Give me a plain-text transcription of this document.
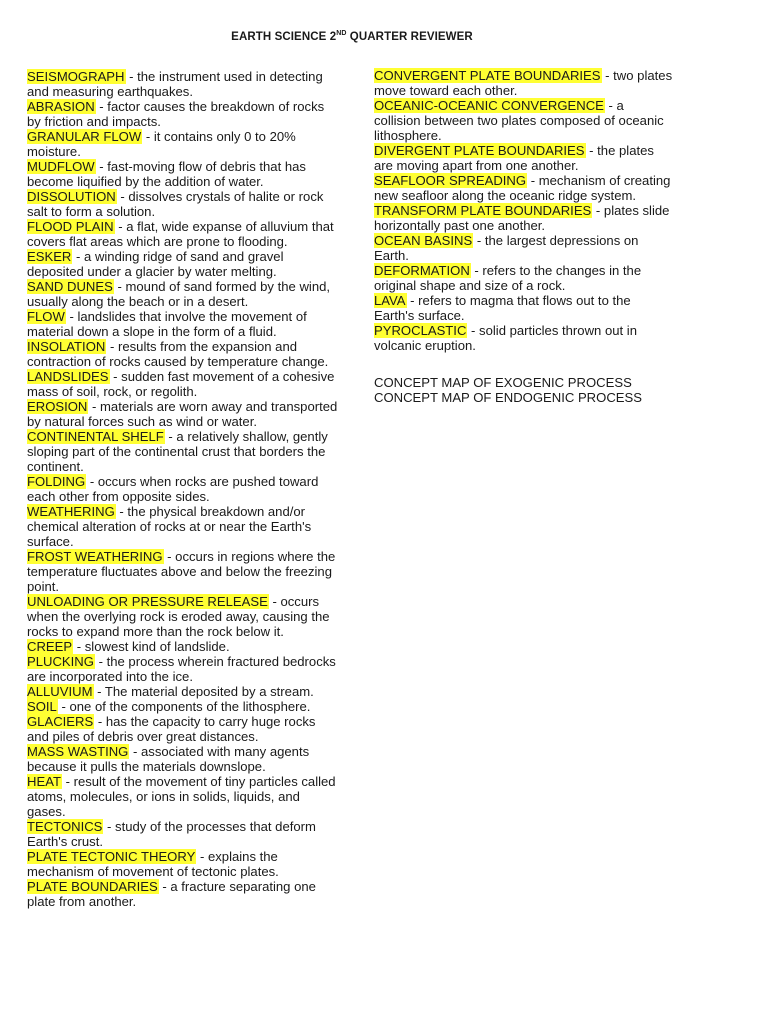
EARTH SCIENCE 2ND QUARTER REVIEWER

SEISMOGRAPH - the instrument used in detecting and measuring earthquakes.

ABRASION - factor causes the breakdown of rocks by friction and impacts.

GRANULAR FLOW - it contains only 0 to 20% moisture.

MUDFLOW - fast-moving flow of debris that has become liquified by the addition of water.

DISSOLUTION - dissolves crystals of halite or rock salt to form a solution.

FLOOD PLAIN - a flat, wide expanse of alluvium that covers flat areas which are prone to flooding.

ESKER - a winding ridge of sand and gravel deposited under a glacier by water melting.

SAND DUNES - mound of sand formed by the wind, usually along the beach or in a desert.

FLOW - landslides that involve the movement of material down a slope in the form of a fluid.

INSOLATION - results from the expansion and contraction of rocks caused by temperature change.

LANDSLIDES - sudden fast movement of a cohesive mass of soil, rock, or regolith.

EROSION - materials are worn away and transported by natural forces such as wind or water.

CONTINENTAL SHELF - a relatively shallow, gently sloping part of the continental crust that borders the continent.

FOLDING - occurs when rocks are pushed toward each other from opposite sides.

WEATHERING - the physical breakdown and/or chemical alteration of rocks at or near the Earth's surface.

FROST WEATHERING - occurs in regions where the temperature fluctuates above and below the freezing point.

UNLOADING OR PRESSURE RELEASE - occurs when the overlying rock is eroded away, causing the rocks to expand more than the rock below it.

CREEP - slowest kind of landslide.

PLUCKING - the process wherein fractured bedrocks are incorporated into the ice.

ALLUVIUM - The material deposited by a stream.

SOIL - one of the components of the lithosphere.

GLACIERS - has the capacity to carry huge rocks and piles of debris over great distances.

MASS WASTING - associated with many agents because it pulls the materials downslope.

HEAT - result of the movement of tiny particles called atoms, molecules, or ions in solids, liquids, and gases.

TECTONICS - study of the processes that deform Earth's crust.

PLATE TECTONIC THEORY - explains the mechanism of movement of tectonic plates.

PLATE BOUNDARIES - a fracture separating one plate from another.

CONVERGENT PLATE BOUNDARIES - two plates move toward each other.

OCEANIC-OCEANIC CONVERGENCE - a collision between two plates composed of oceanic lithosphere.

DIVERGENT PLATE BOUNDARIES - the plates are moving apart from one another.

SEAFLOOR SPREADING - mechanism of creating new seafloor along the oceanic ridge system.

TRANSFORM PLATE BOUNDARIES - plates slide horizontally past one another.

OCEAN BASINS - the largest depressions on Earth.

DEFORMATION - refers to the changes in the original shape and size of a rock.

LAVA - refers to magma that flows out to the Earth's surface.

PYROCLASTIC - solid particles thrown out in volcanic eruption.

CONCEPT MAP OF EXOGENIC PROCESS

CONCEPT MAP OF ENDOGENIC PROCESS
